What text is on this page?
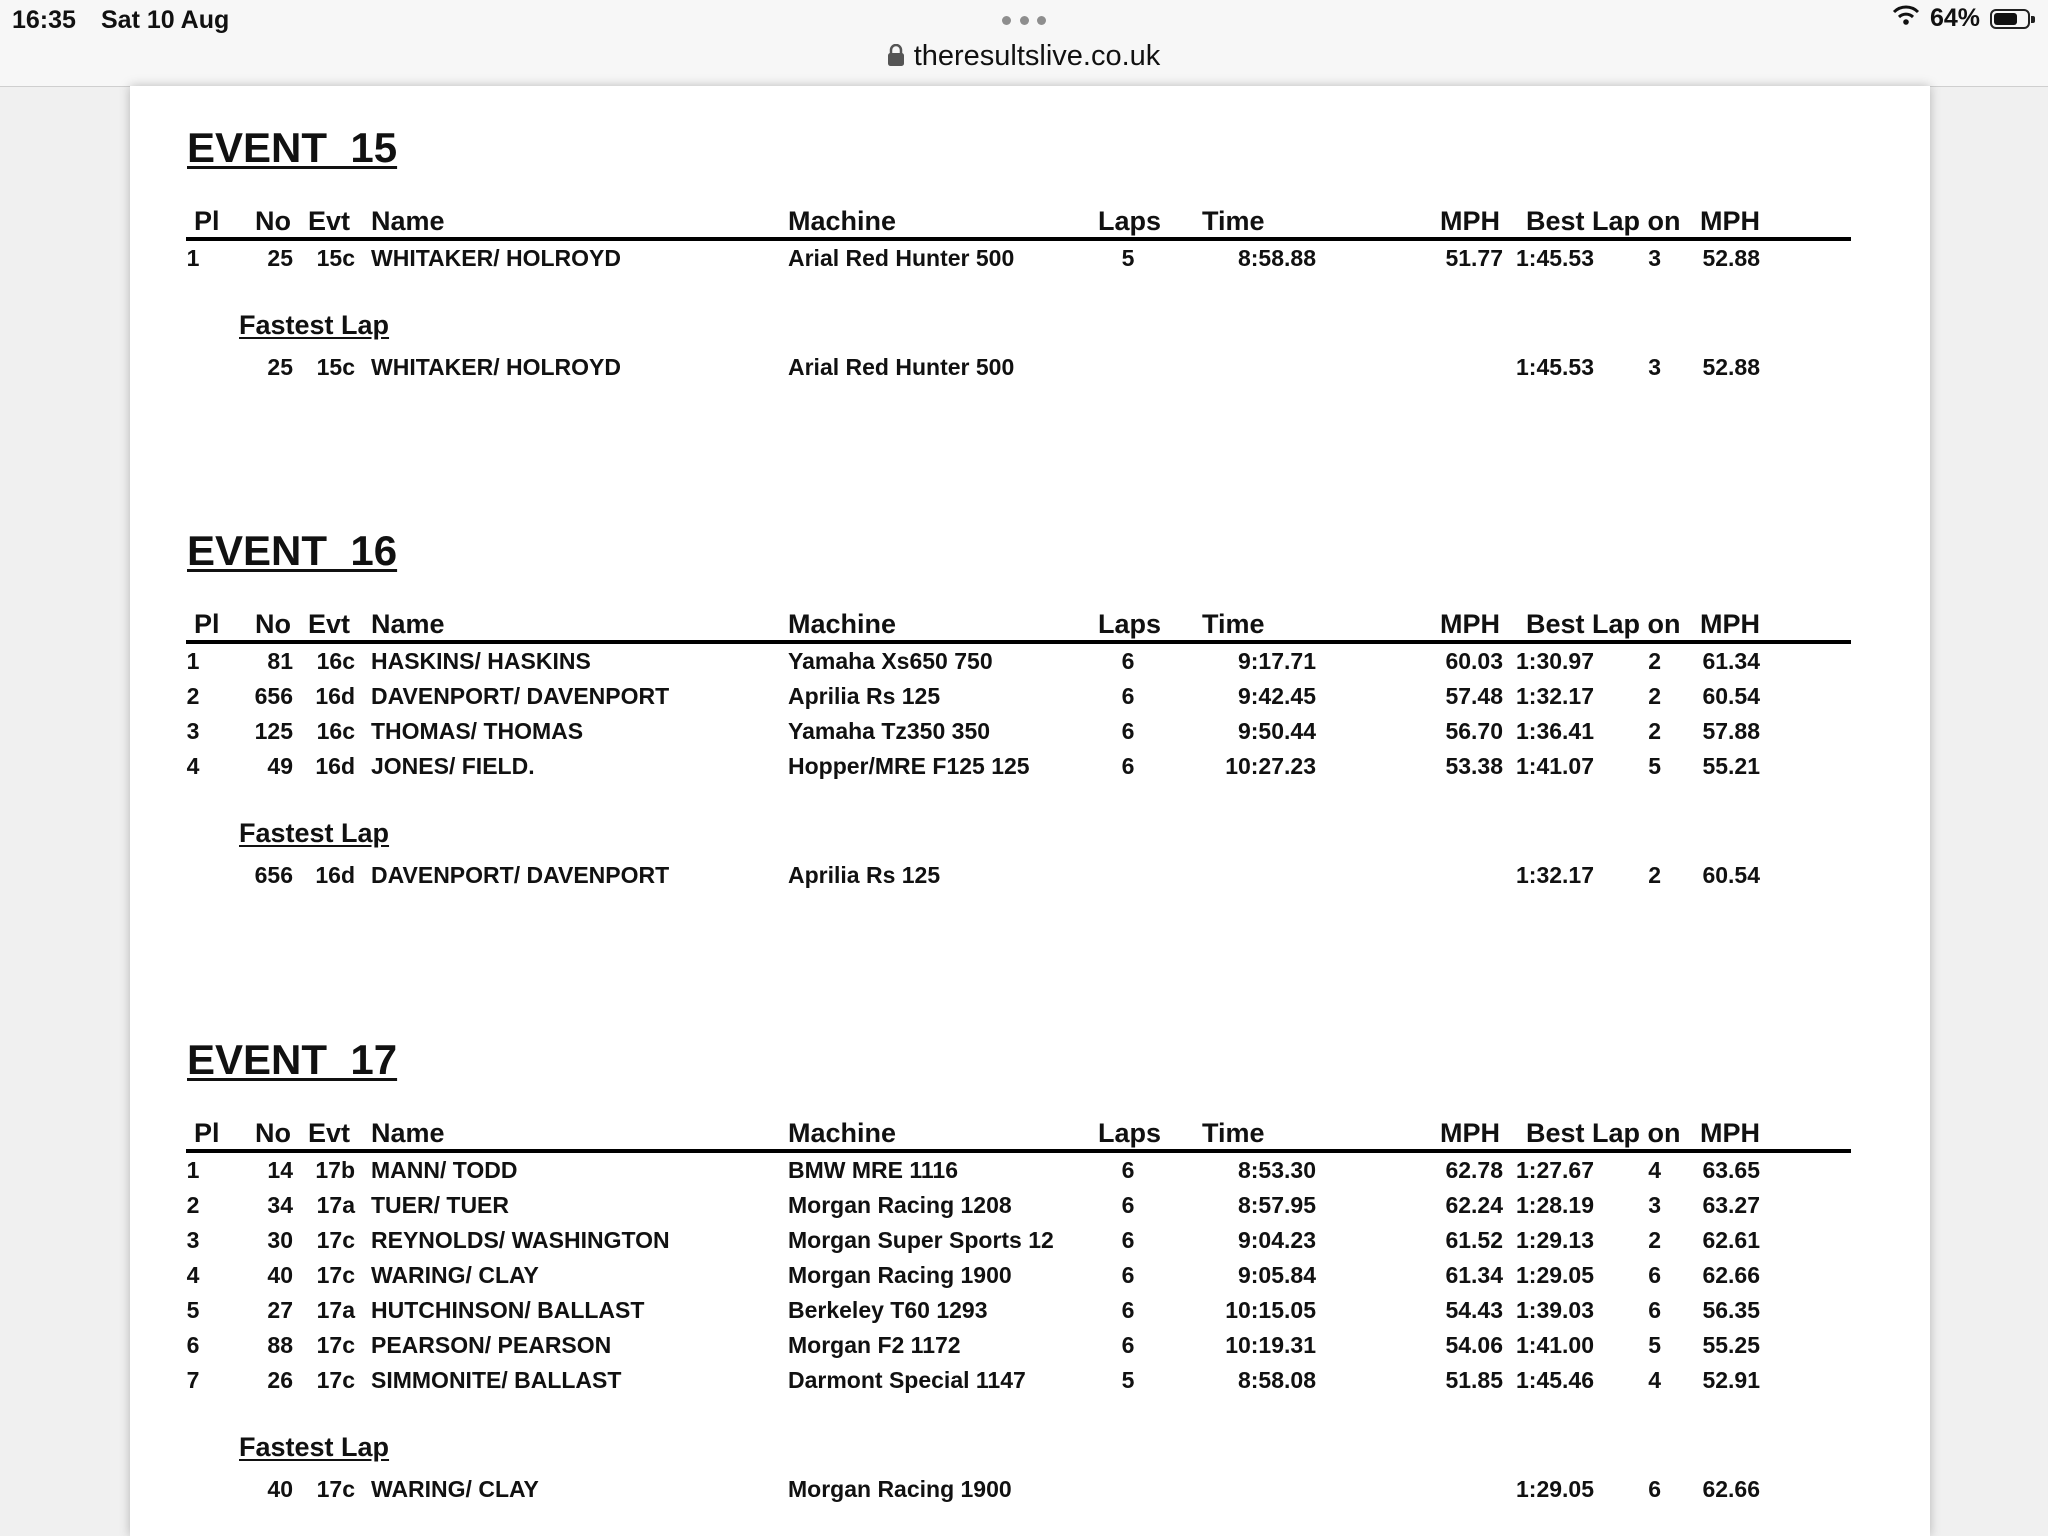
16:35 Sat 10 Aug
theresultslive.co.uk
64%
EVENT  15
Pl No Evt Name	Machine	Laps Time	MPH Best Lap on MPH
1	25	15c WHITAKER/ HOLROYD	Arial Red Hunter 500	5	8:58.88	51.77 1:45.53	3	52.88
Fastest Lap
25	15c WHITAKER/ HOLROYD	Arial Red Hunter 500	1:45.53	3	52.88
EVENT  16
Pl No Evt Name	Machine	Laps Time	MPH Best Lap on MPH
1	81	16c HASKINS/ HASKINS	Yamaha Xs650 750	6	9:17.71	60.03 1:30.97	2	61.34
2	656 16d DAVENPORT/ DAVENPORT	Aprilia Rs 125	6	9:42.45	57.48 1:32.17	2	60.54
3	125	16c THOMAS/ THOMAS	Yamaha Tz350 350	6	9:50.44	56.70 1:36.41	2	57.88
4	49 16d JONES/ FIELD.	Hopper/MRE F125 125	6	10:27.23	53.38 1:41.07	5	55.21
Fastest Lap
656 16d DAVENPORT/ DAVENPORT	Aprilia Rs 125	1:32.17	2	60.54
EVENT  17
Pl No Evt Name	Machine	Laps Time	MPH Best Lap on MPH
1	14 17b MANN/ TODD	BMW MRE 1116	6	8:53.30	62.78 1:27.67	4	63.65
2	34	17a TUER/ TUER	Morgan Racing 1208	6	8:57.95	62.24 1:28.19	3	63.27
3	30	17c REYNOLDS/ WASHINGTON	Morgan Super Sports 12	6	9:04.23	61.52 1:29.13	2	62.61
4	40	17c WARING/ CLAY	Morgan Racing 1900	6	9:05.84	61.34 1:29.05	6	62.66
5	27	17a HUTCHINSON/ BALLAST	Berkeley T60 1293	6	10:15.05	54.43 1:39.03	6	56.35
6	88	17c PEARSON/ PEARSON	Morgan F2 1172	6	10:19.31	54.06 1:41.00	5	55.25
7	26	17c SIMMONITE/ BALLAST	Darmont Special 1147	5	8:58.08	51.85 1:45.46	4	52.91
Fastest Lap
40	17c WARING/ CLAY	Morgan Racing 1900	1:29.05	6	62.66
